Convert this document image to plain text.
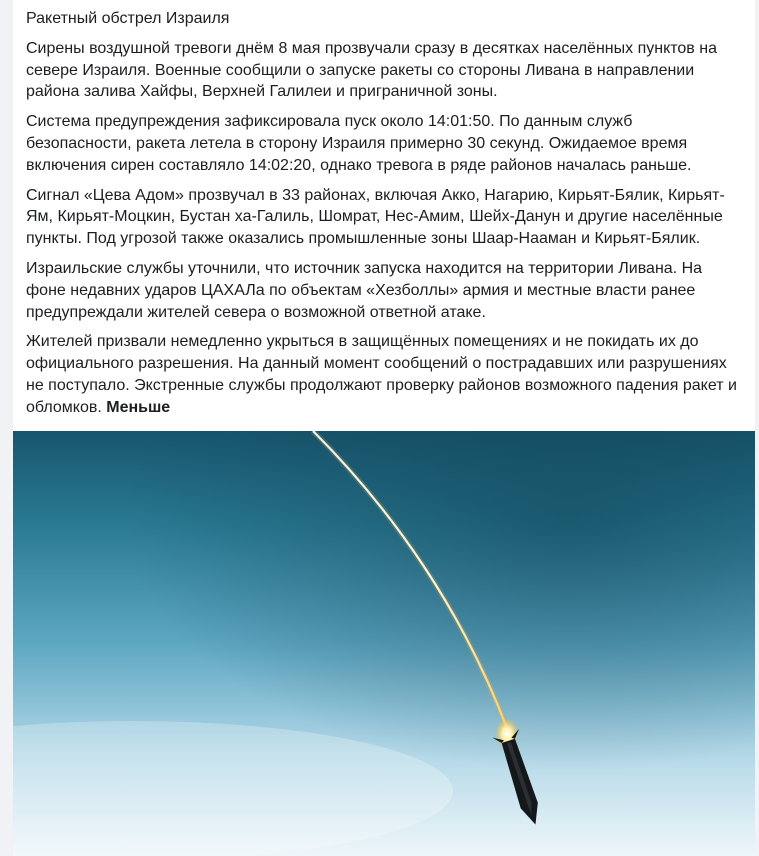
Ракетный обстрел Израиля
Сирены воздушной тревоги днём 8 мая прозвучали сразу в десятках населённых пунктов на севере Израиля. Военные сообщили о запуске ракеты со стороны Ливана в направлении района залива Хайфы, Верхней Галилеи и приграничной зоны.
Система предупреждения зафиксировала пуск около 14:01:50. По данным служб безопасности, ракета летела в сторону Израиля примерно 30 секунд. Ожидаемое время включения сирен составляло 14:02:20, однако тревога в ряде районов началась раньше.
Сигнал «Цева Адом» прозвучал в 33 районах, включая Акко, Нагарию, Кирьят-Бялик, Кирьят-Ям, Кирьят-Моцкин, Бустан ха-Галиль, Шомрат, Нес-Амим, Шейх-Данун и другие населённые пункты. Под угрозой также оказались промышленные зоны Шаар-Нааман и Кирьят-Бялик.
Израильские службы уточнили, что источник запуска находится на территории Ливана. На фоне недавних ударов ЦАХАЛа по объектам «Хезболлы» армия и местные власти ранее предупреждали жителей севера о возможной ответной атаке.
Жителей призвали немедленно укрыться в защищённых помещениях и не покидать их до официального разрешения. На данный момент сообщений о пострадавших или разрушениях не поступало. Экстренные службы продолжают проверку районов возможного падения ракет и обломков. Меньше
